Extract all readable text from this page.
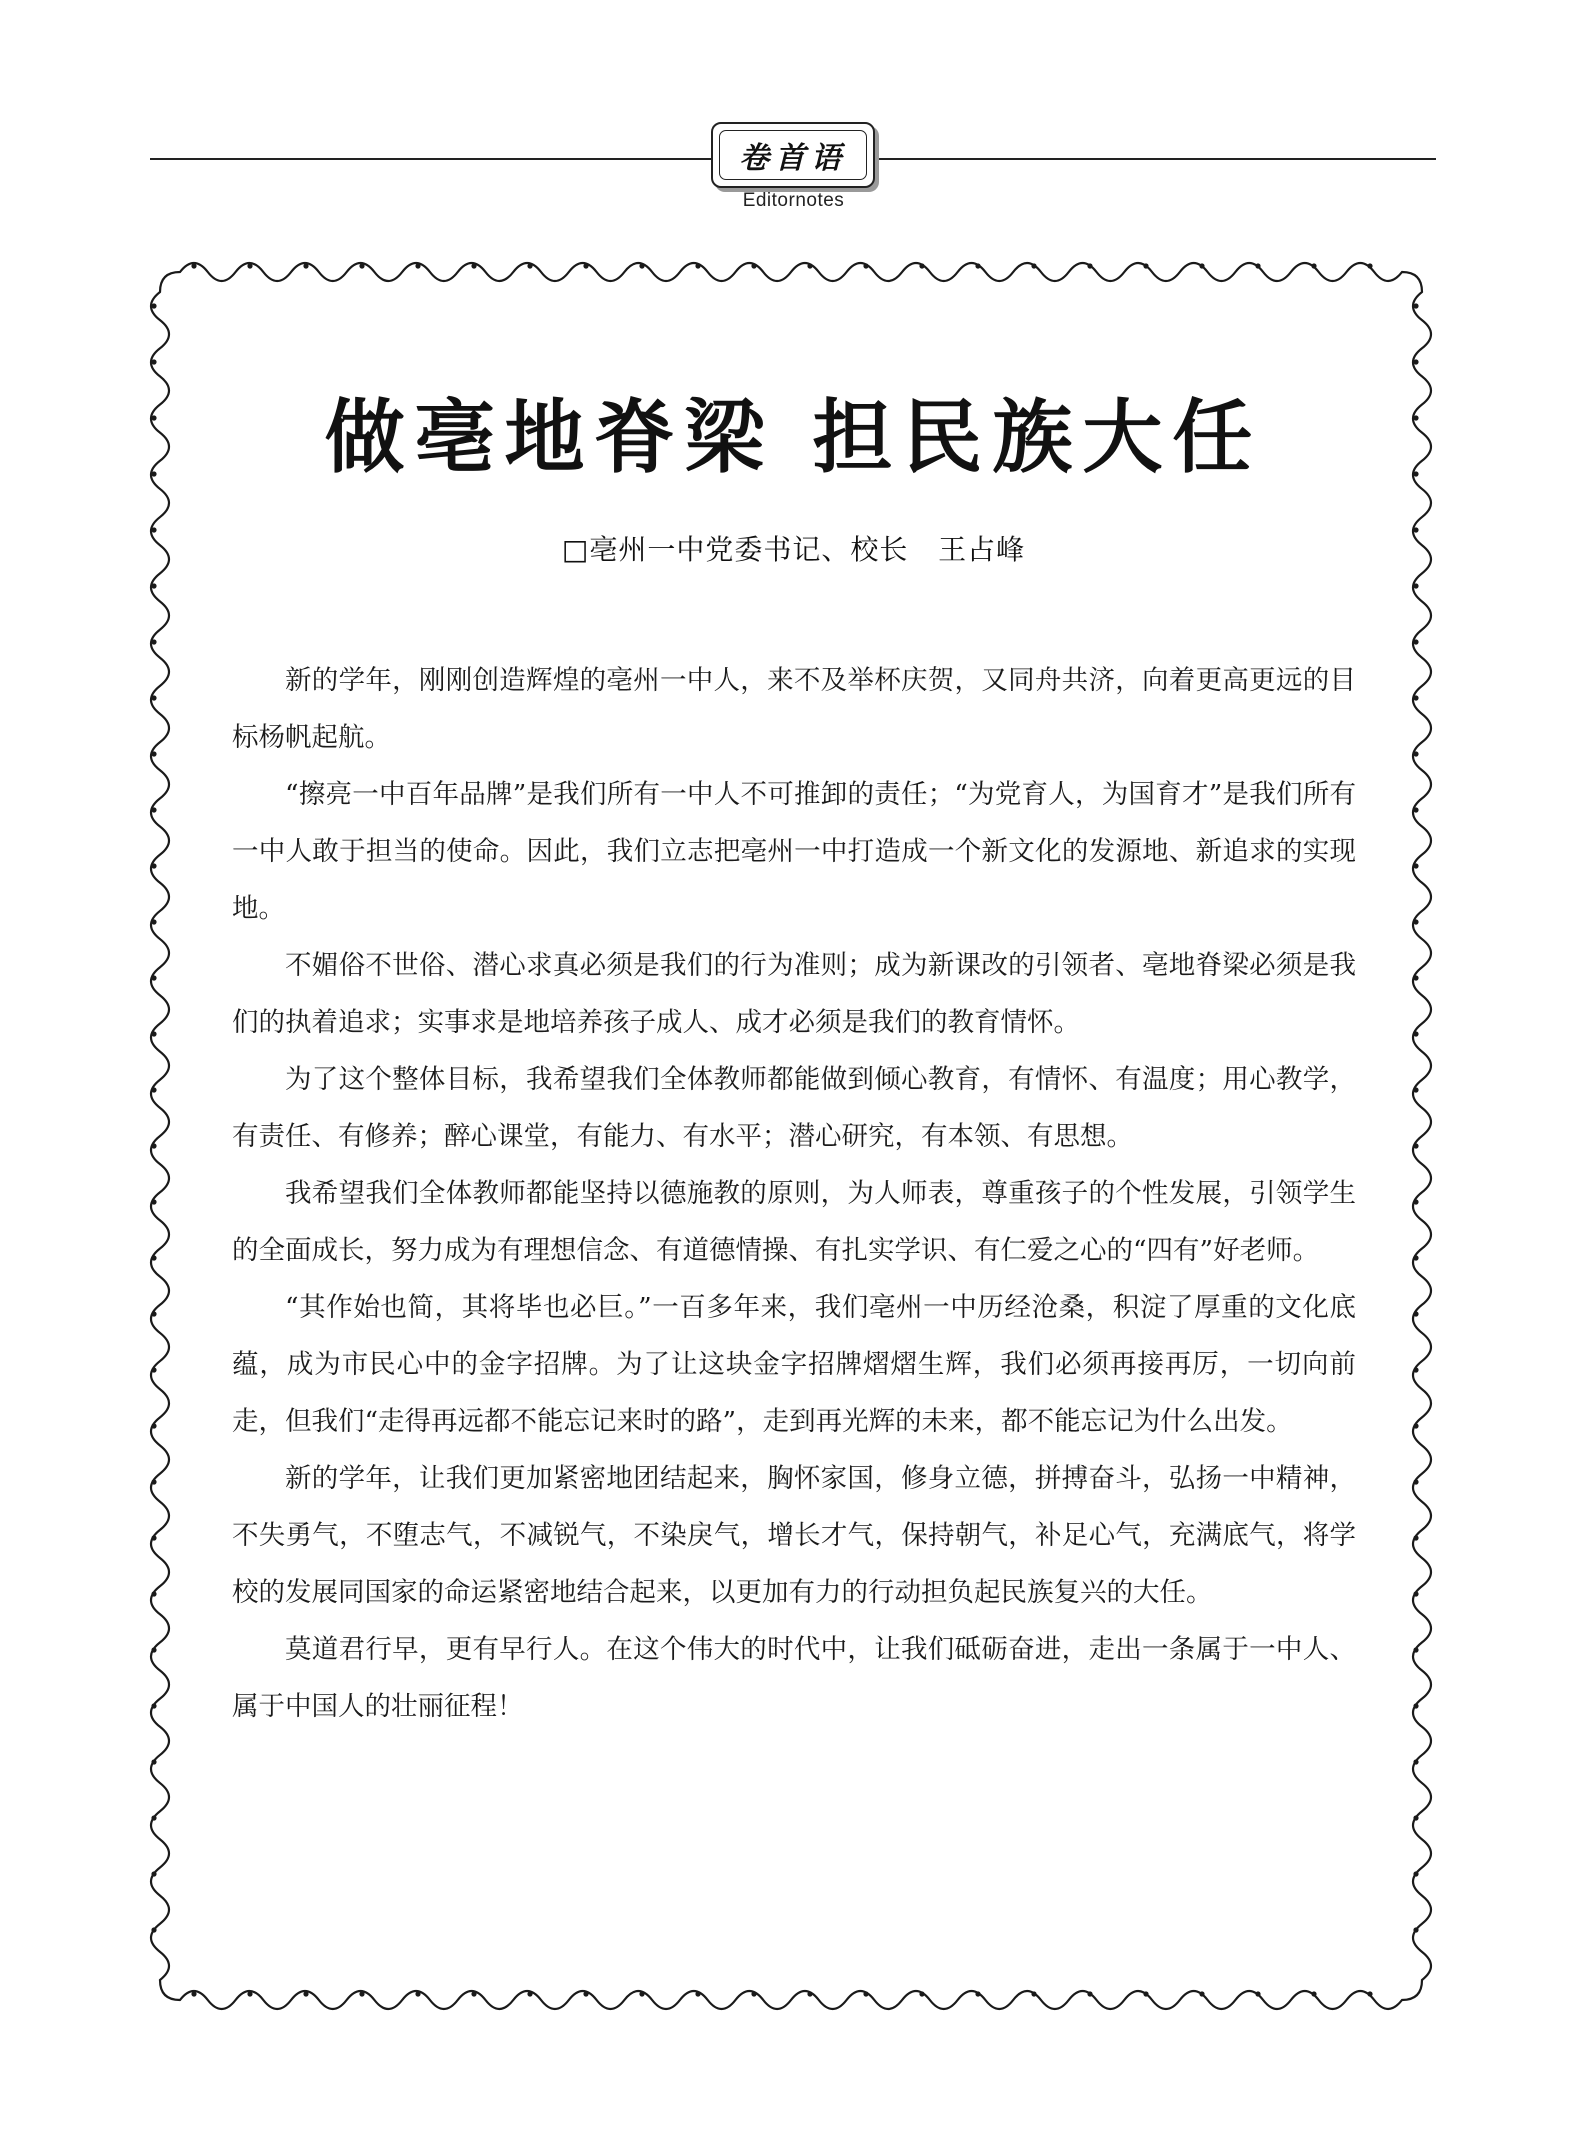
卷首语
Editornotes
做亳地脊梁 担民族大任
□亳州一中党委书记、校长   王占峰

新的学年，刚刚创造辉煌的亳州一中人，来不及举杯庆贺，又同舟共济，向着更高更远的目标杨帆起航。

“擦亮一中百年品牌”是我们所有一中人不可推卸的责任；“为党育人，为国育才”是我们所有一中人敢于担当的使命。因此，我们立志把亳州一中打造成一个新文化的发源地、新追求的实现地。

不媚俗不世俗、潜心求真必须是我们的行为准则；成为新课改的引领者、亳地脊梁必须是我们的执着追求；实事求是地培养孩子成人、成才必须是我们的教育情怀。

为了这个整体目标，我希望我们全体教师都能做到倾心教育，有情怀、有温度；用心教学，有责任、有修养；醉心课堂，有能力、有水平；潜心研究，有本领、有思想。

我希望我们全体教师都能坚持以德施教的原则，为人师表，尊重孩子的个性发展，引领学生的全面成长，努力成为有理想信念、有道德情操、有扎实学识、有仁爱之心的“四有”好老师。

“其作始也简，其将毕也必巨。”一百多年来，我们亳州一中历经沧桑，积淀了厚重的文化底蕴，成为市民心中的金字招牌。为了让这块金字招牌熠熠生辉，我们必须再接再厉，一切向前走，但我们“走得再远都不能忘记来时的路”，走到再光辉的未来，都不能忘记为什么出发。

新的学年，让我们更加紧密地团结起来，胸怀家国，修身立德，拼搏奋斗，弘扬一中精神，不失勇气，不堕志气，不减锐气，不染戾气，增长才气，保持朝气，补足心气，充满底气，将学校的发展同国家的命运紧密地结合起来，以更加有力的行动担负起民族复兴的大任。

莫道君行早，更有早行人。在这个伟大的时代中，让我们砥砺奋进，走出一条属于一中人、属于中国人的壮丽征程！
